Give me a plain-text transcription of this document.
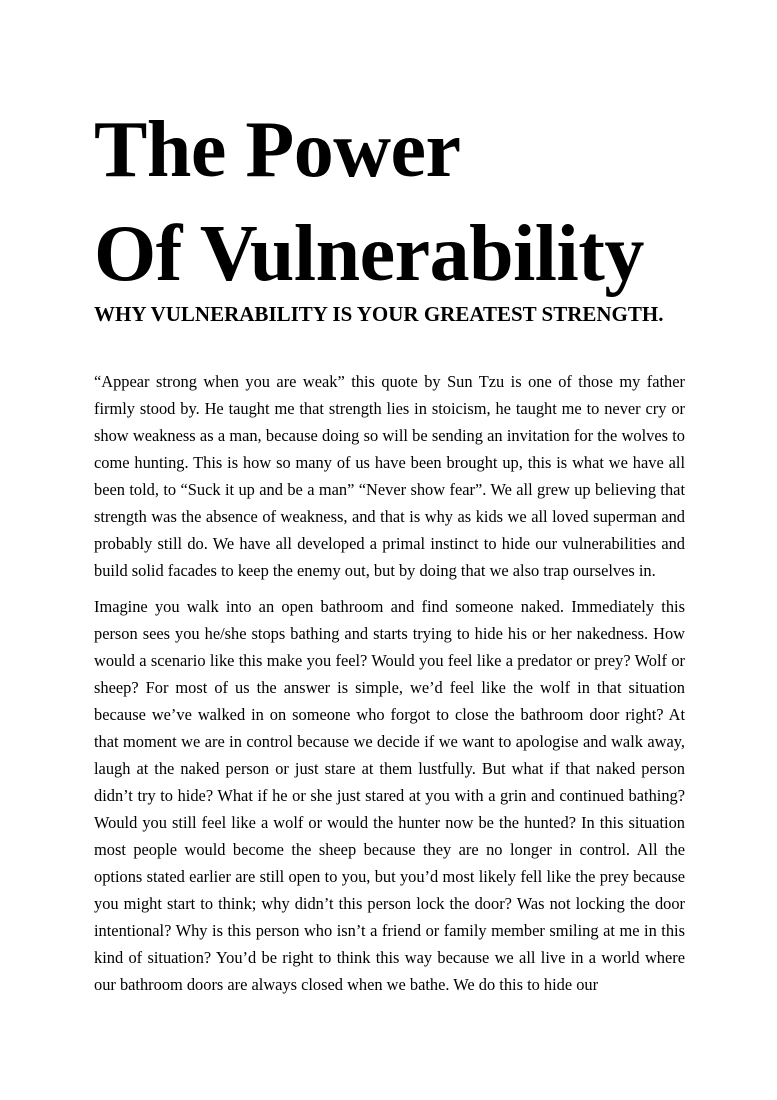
The Power
Of Vulnerability
WHY VULNERABILITY IS YOUR GREATEST STRENGTH.

“Appear strong when you are weak” this quote by Sun Tzu is one of those my father firmly stood by. He taught me that strength lies in stoicism, he taught me to never cry or show weakness as a man, because doing so will be sending an invitation for the wolves to come hunting. This is how so many of us have been brought up, this is what we have all been told, to “Suck it up and be a man” “Never show fear”. We all grew up believing that strength was the absence of weakness, and that is why as kids we all loved superman and probably still do. We have all developed a primal instinct to hide our vulnerabilities and build solid facades to keep the enemy out, but by doing that we also trap ourselves in.

Imagine you walk into an open bathroom and find someone naked. Immediately this person sees you he/she stops bathing and starts trying to hide his or her nakedness. How would a scenario like this make you feel? Would you feel like a predator or prey? Wolf or sheep? For most of us the answer is simple, we’d feel like the wolf in that situation because we’ve walked in on someone who forgot to close the bathroom door right? At that moment we are in control because we decide if we want to apologise and walk away, laugh at the naked person or just stare at them lustfully. But what if that naked person didn’t try to hide? What if he or she just stared at you with a grin and continued bathing? Would you still feel like a wolf or would the hunter now be the hunted? In this situation most people would become the sheep because they are no longer in control. All the options stated earlier are still open to you, but you’d most likely fell like the prey because you might start to think; why didn’t this person lock the door? Was not locking the door intentional? Why is this person who isn’t a friend or family member smiling at me in this kind of situation? You’d be right to think this way because we all live in a world where our bathroom doors are always closed when we bathe. We do this to hide our
